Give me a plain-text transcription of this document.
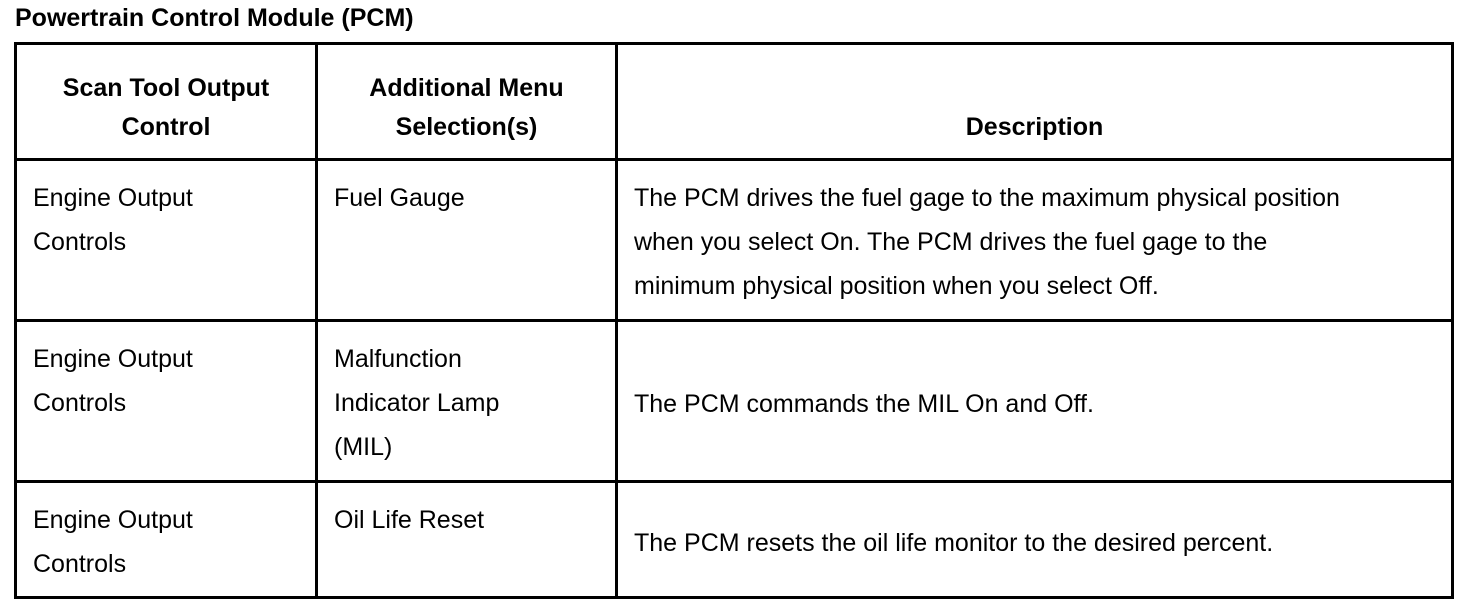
Powertrain Control Module (PCM)
Scan Tool Output Control	Additional Menu Selection(s)	Description

Engine Output Controls	Fuel Gauge	The PCM drives the fuel gage to the maximum physical position when you select On. The PCM drives the fuel gage to the minimum physical position when you select Off.

Engine Output Controls	Malfunction Indicator Lamp (MIL)	The PCM commands the MIL On and Off.

Engine Output Controls	Oil Life Reset	The PCM resets the oil life monitor to the desired percent.
